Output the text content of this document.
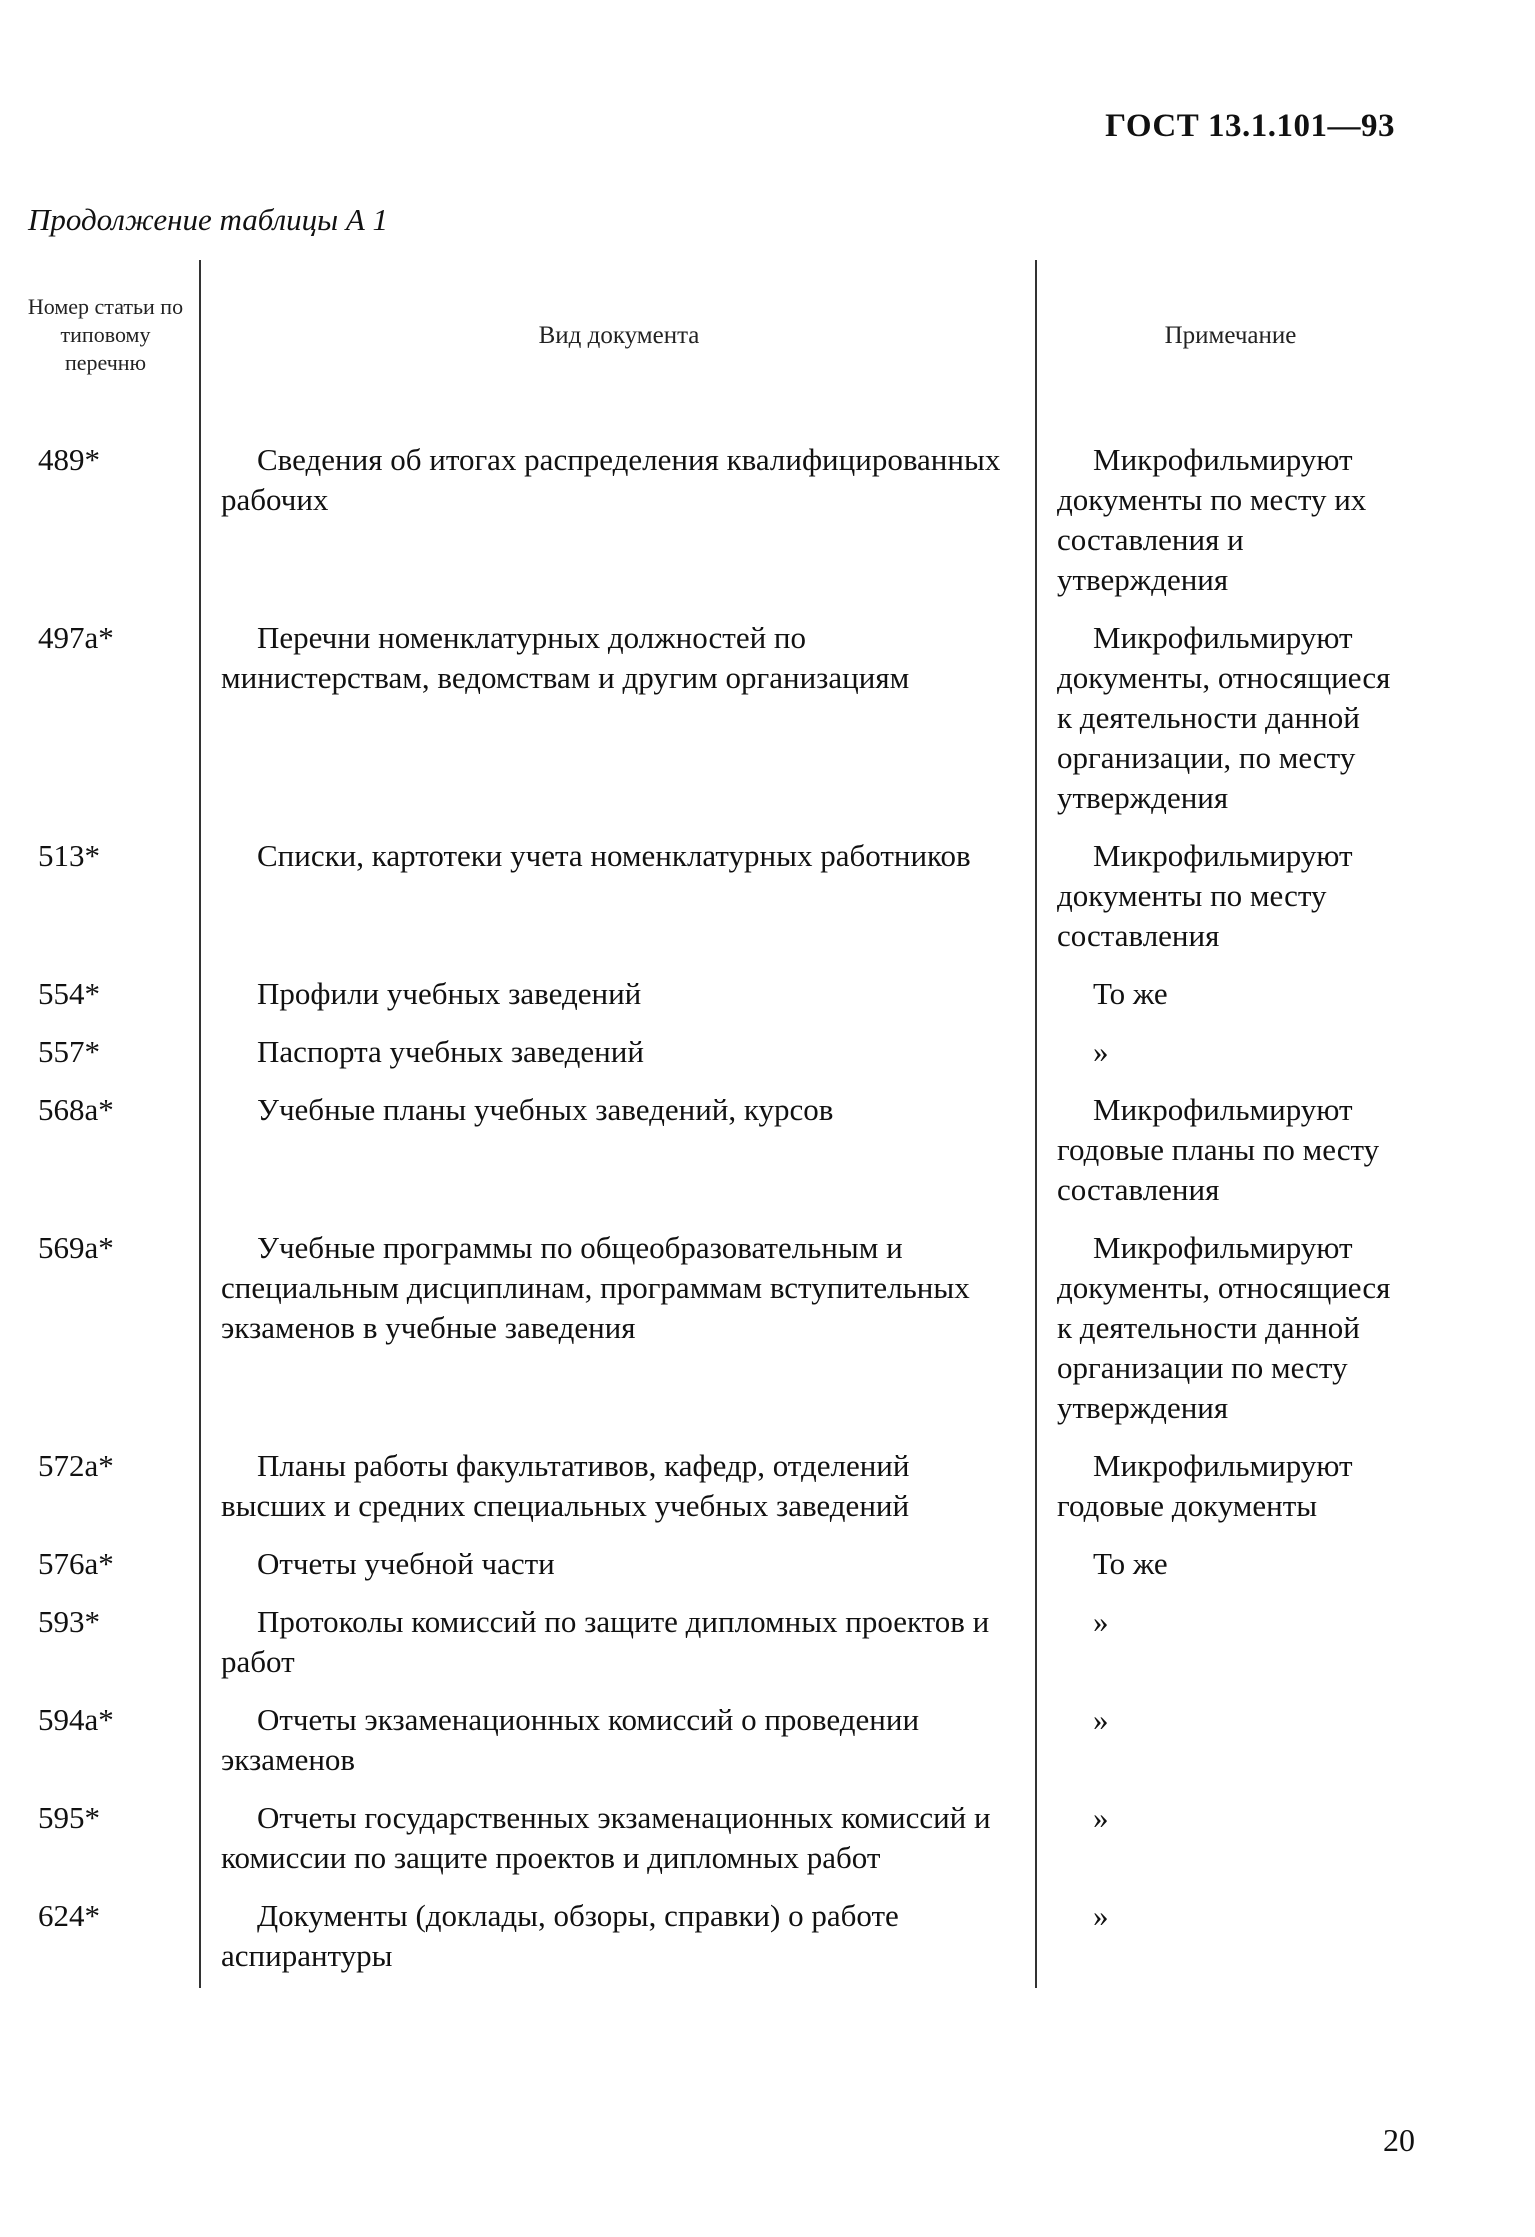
ГОСТ 13.1.101—93
Продолжение таблицы А 1
Номер статьи по типовому перечню	Вид документа	Примечание
489*	Сведения об итогах распределения квалифицированных рабочих	Микрофильмируют документы по месту их составления и утверждения

497а*	Перечни номенклатурных должностей по министерствам, ведомствам и другим организациям	Микрофильмируют документы, относящиеся к деятельности данной организации, по месту утверждения

513*	Списки, картотеки учета номенклатурных работников	Микрофильмируют документы по месту составления

554*	Профили учебных заведений	То же

557*	Паспорта учебных заведений	»

568а*	Учебные планы учебных заведений, курсов	Микрофильмируют годовые планы по месту составления

569а*	Учебные программы по общеобразовательным и специальным дисциплинам, программам вступительных экзаменов в учебные заведения	Микрофильмируют документы, относящиеся к деятельности данной организации по месту утверждения

572а*	Планы работы факультативов, кафедр, отделений высших и средних специальных учебных заведений	Микрофильмируют годовые документы

576а*	Отчеты учебной части	То же

593*	Протоколы комиссий по защите дипломных проектов и работ	»

594а*	Отчеты экзаменационных комиссий о проведении экзаменов	»

595*	Отчеты государственных экзаменационных комиссий и комиссии по защите проектов и дипломных работ	»

624*	Документы (доклады, обзоры, справки) о работе аспирантуры	»
20
